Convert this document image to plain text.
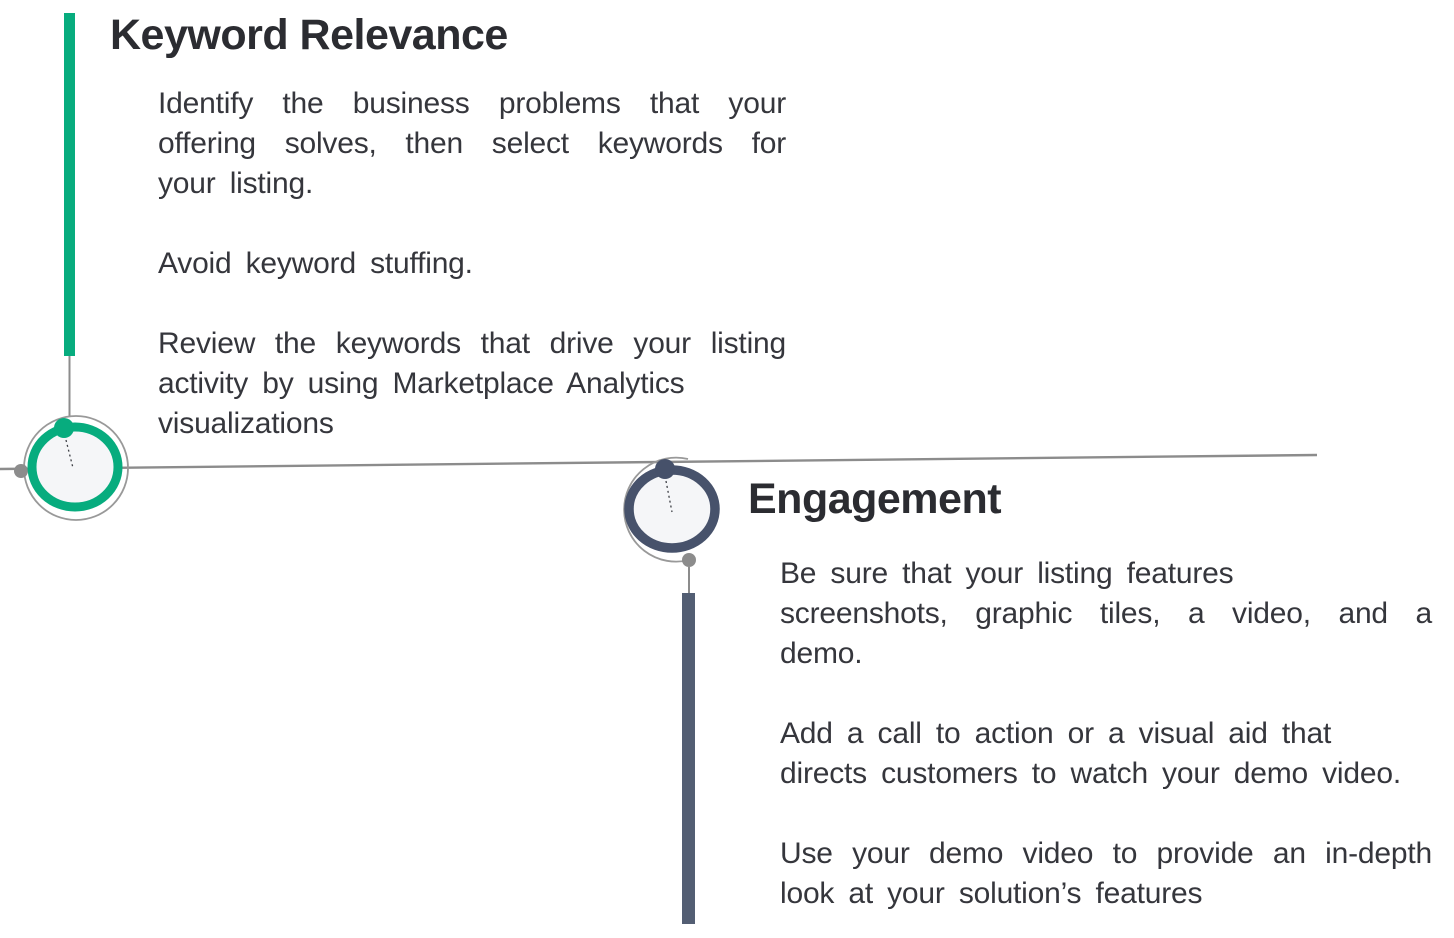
Keyword Relevance
Identify the business problems that your
offering solves, then select keywords for
your listing.
Avoid keyword stuffing.
Review the keywords that drive your listing
activity by using Marketplace Analytics
visualizations
Engagement
Be sure that your listing features
screenshots, graphic tiles, a video, and a
demo.
Add a call to action or a visual aid that
directs customers to watch your demo video.
Use your demo video to provide an in-depth
look at your solution’s features
